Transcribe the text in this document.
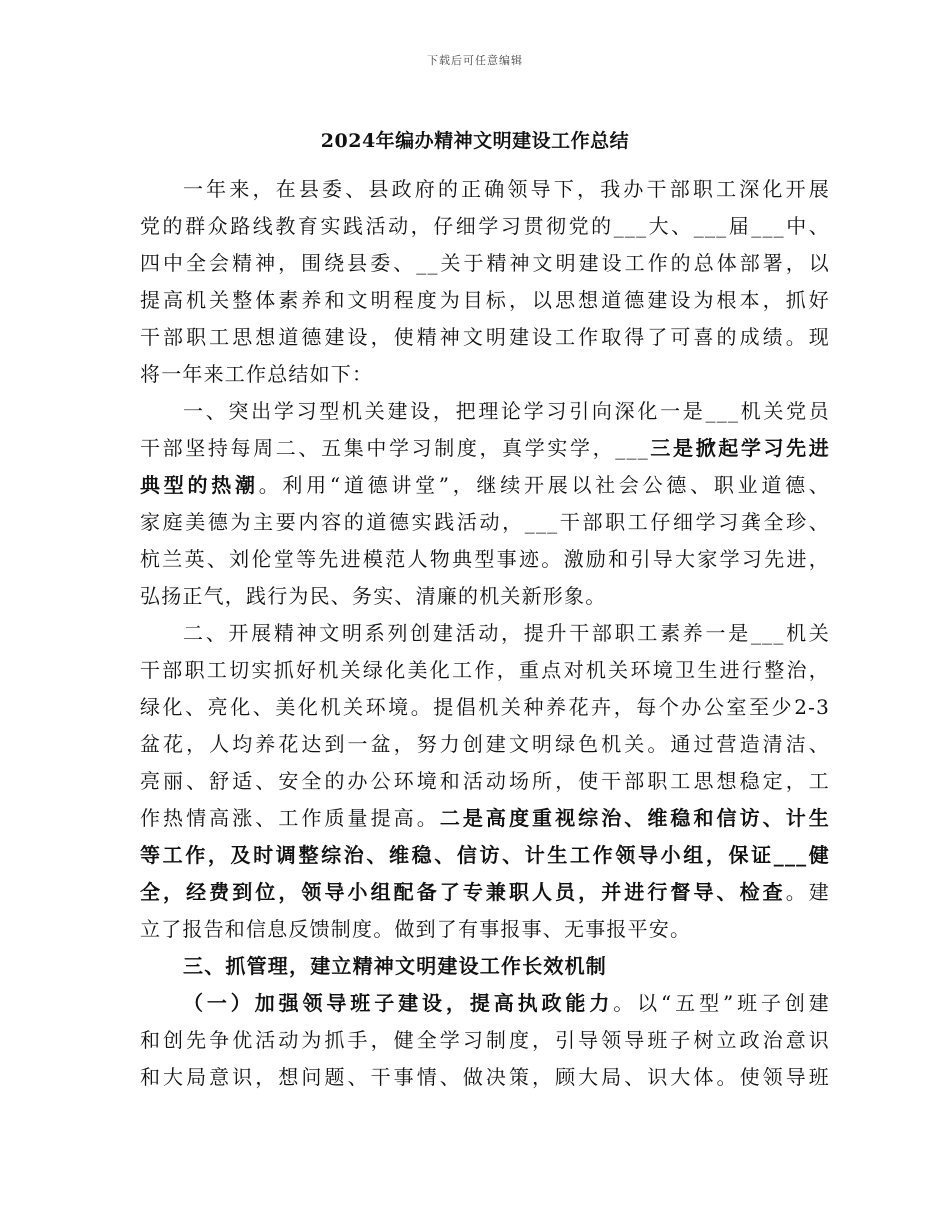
下载后可任意编辑
2024年编办精神文明建设工作总结
一年来，在县委、县政府的正确领导下，我办干部职工深化开展
党的群众路线教育实践活动，仔细学习贯彻党的___大、___届___中、
四中全会精神，围绕县委、__关于精神文明建设工作的总体部署，以
提高机关整体素养和文明程度为目标，以思想道德建设为根本，抓好
干部职工思想道德建设，使精神文明建设工作取得了可喜的成绩。现
将一年来工作总结如下：
一、突出学习型机关建设，把理论学习引向深化一是___机关党员
干部坚持每周二、五集中学习制度，真学实学，___三是掀起学习先进
典型的热潮。利用“道德讲堂”，继续开展以社会公德、职业道德、
家庭美德为主要内容的道德实践活动，___干部职工仔细学习龚全珍、
杭兰英、刘伦堂等先进模范人物典型事迹。激励和引导大家学习先进，
弘扬正气，践行为民、务实、清廉的机关新形象。
二、开展精神文明系列创建活动，提升干部职工素养一是___机关
干部职工切实抓好机关绿化美化工作，重点对机关环境卫生进行整治，
绿化、亮化、美化机关环境。提倡机关种养花卉，每个办公室至少2-3
盆花，人均养花达到一盆，努力创建文明绿色机关。通过营造清洁、
亮丽、舒适、安全的办公环境和活动场所，使干部职工思想稳定，工
作热情高涨、工作质量提高。二是高度重视综治、维稳和信访、计生
等工作，及时调整综治、维稳、信访、计生工作领导小组，保证___健
全，经费到位，领导小组配备了专兼职人员，并进行督导、检查。建
立了报告和信息反馈制度。做到了有事报事、无事报平安。
三、抓管理，建立精神文明建设工作长效机制
（一）加强领导班子建设，提高执政能力。以“五型”班子创建
和创先争优活动为抓手，健全学习制度，引导领导班子树立政治意识
和大局意识，想问题、干事情、做决策，顾大局、识大体。使领导班
